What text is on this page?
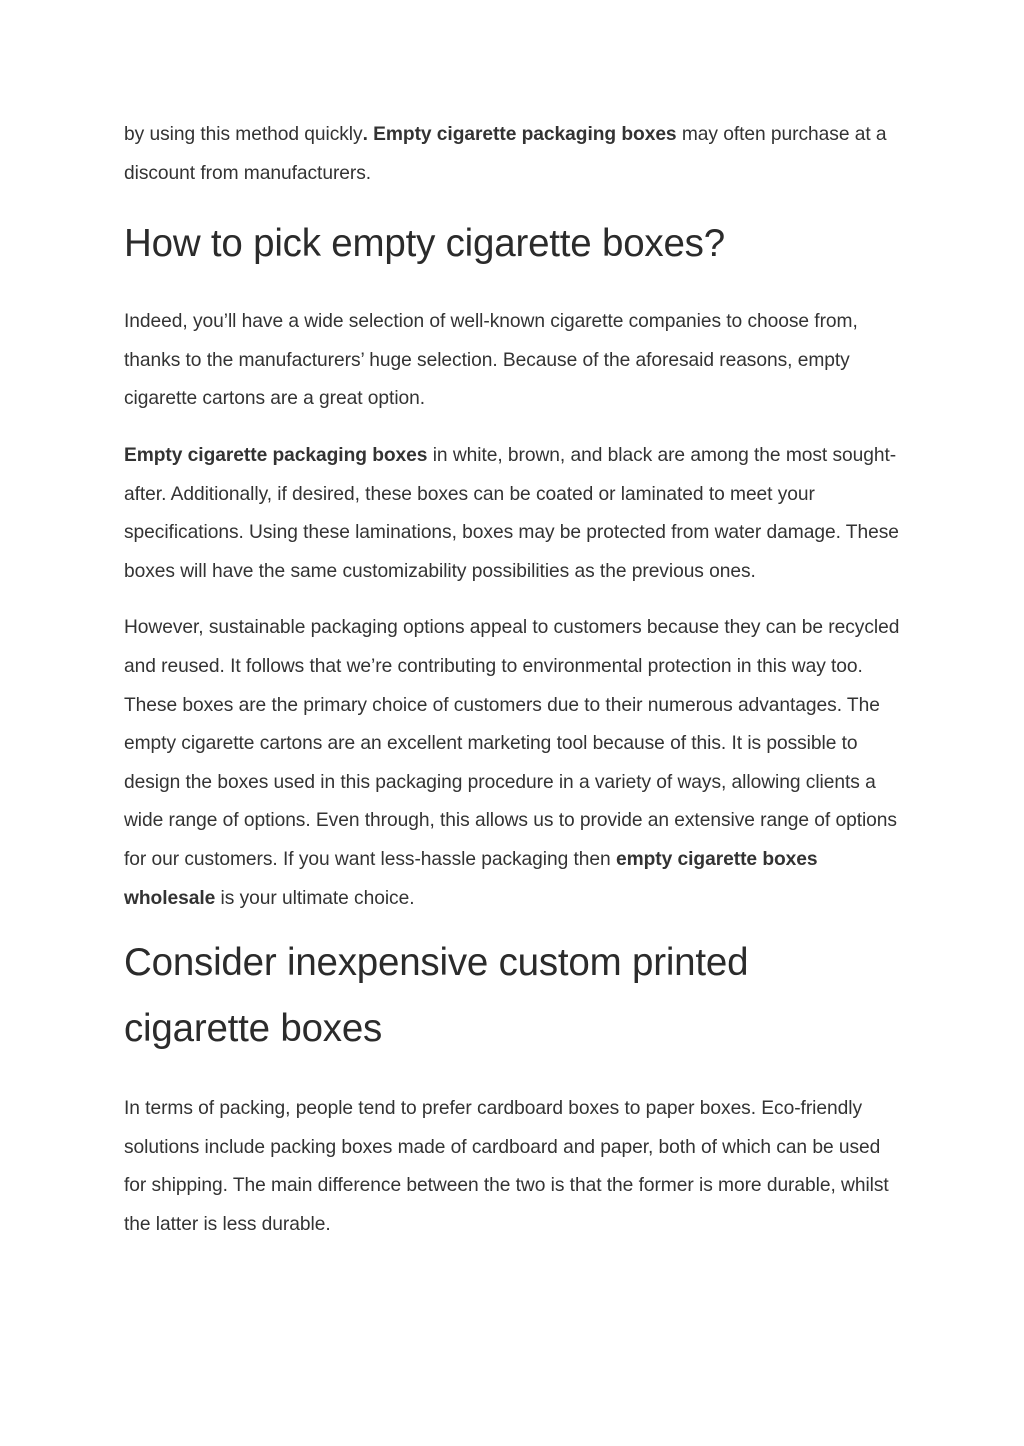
by using this method quickly. Empty cigarette packaging boxes may often purchase at a discount from manufacturers.

How to pick empty cigarette boxes?

Indeed, you’ll have a wide selection of well-known cigarette companies to choose from, thanks to the manufacturers’ huge selection. Because of the aforesaid reasons, empty cigarette cartons are a great option.

Empty cigarette packaging boxes in white, brown, and black are among the most sought-after. Additionally, if desired, these boxes can be coated or laminated to meet your specifications. Using these laminations, boxes may be protected from water damage. These boxes will have the same customizability possibilities as the previous ones.

However, sustainable packaging options appeal to customers because they can be recycled and reused. It follows that we’re contributing to environmental protection in this way too. These boxes are the primary choice of customers due to their numerous advantages. The empty cigarette cartons are an excellent marketing tool because of this. It is possible to design the boxes used in this packaging procedure in a variety of ways, allowing clients a wide range of options. Even through, this allows us to provide an extensive range of options for our customers. If you want less-hassle packaging then empty cigarette boxes wholesale is your ultimate choice.

Consider inexpensive custom printed cigarette boxes

In terms of packing, people tend to prefer cardboard boxes to paper boxes. Eco-friendly solutions include packing boxes made of cardboard and paper, both of which can be used for shipping. The main difference between the two is that the former is more durable, whilst the latter is less durable.
